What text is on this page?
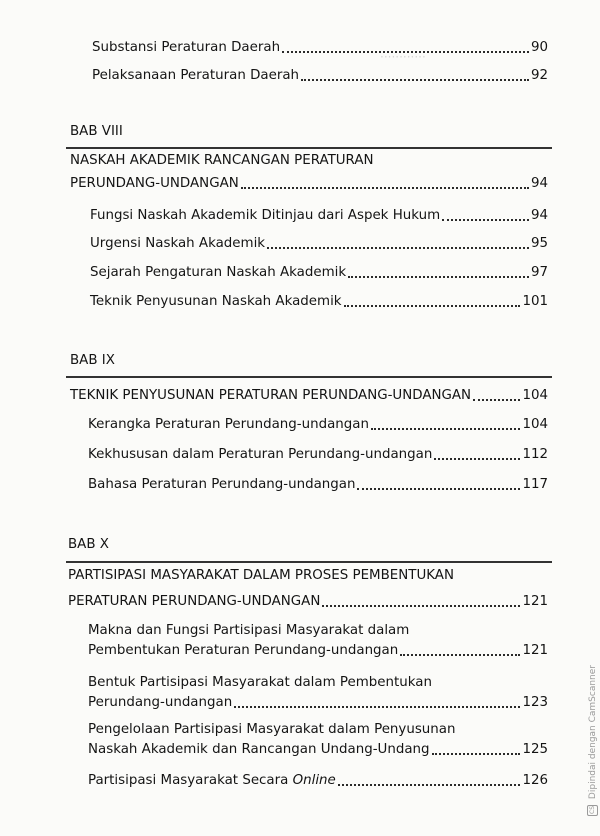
············
Substansi Peraturan Daerah	90
Pelaksanaan Peraturan Daerah	92
BAB VIII
NASKAH AKADEMIK RANCANGAN PERATURAN
PERUNDANG-UNDANGAN	94
Fungsi Naskah Akademik Ditinjau dari Aspek Hukum	94
Urgensi Naskah Akademik	95
Sejarah Pengaturan Naskah Akademik	97
Teknik Penyusunan Naskah Akademik	101
BAB IX
TEKNIK PENYUSUNAN PERATURAN PERUNDANG-UNDANGAN	104
Kerangka Peraturan Perundang-undangan	104
Kekhususan dalam Peraturan Perundang-undangan	112
Bahasa Peraturan Perundang-undangan	117
BAB X
PARTISIPASI MASYARAKAT DALAM PROSES PEMBENTUKAN
PERATURAN PERUNDANG-UNDANGAN	121
Makna dan Fungsi Partisipasi Masyarakat dalam
Pembentukan Peraturan Perundang-undangan	121
Bentuk Partisipasi Masyarakat dalam Pembentukan
Perundang-undangan	123
Pengelolaan Partisipasi Masyarakat dalam Penyusunan
Naskah Akademik dan Rancangan Undang-Undang	125
Partisipasi Masyarakat Secara Online	126
CS Dipindai dengan CamScanner
